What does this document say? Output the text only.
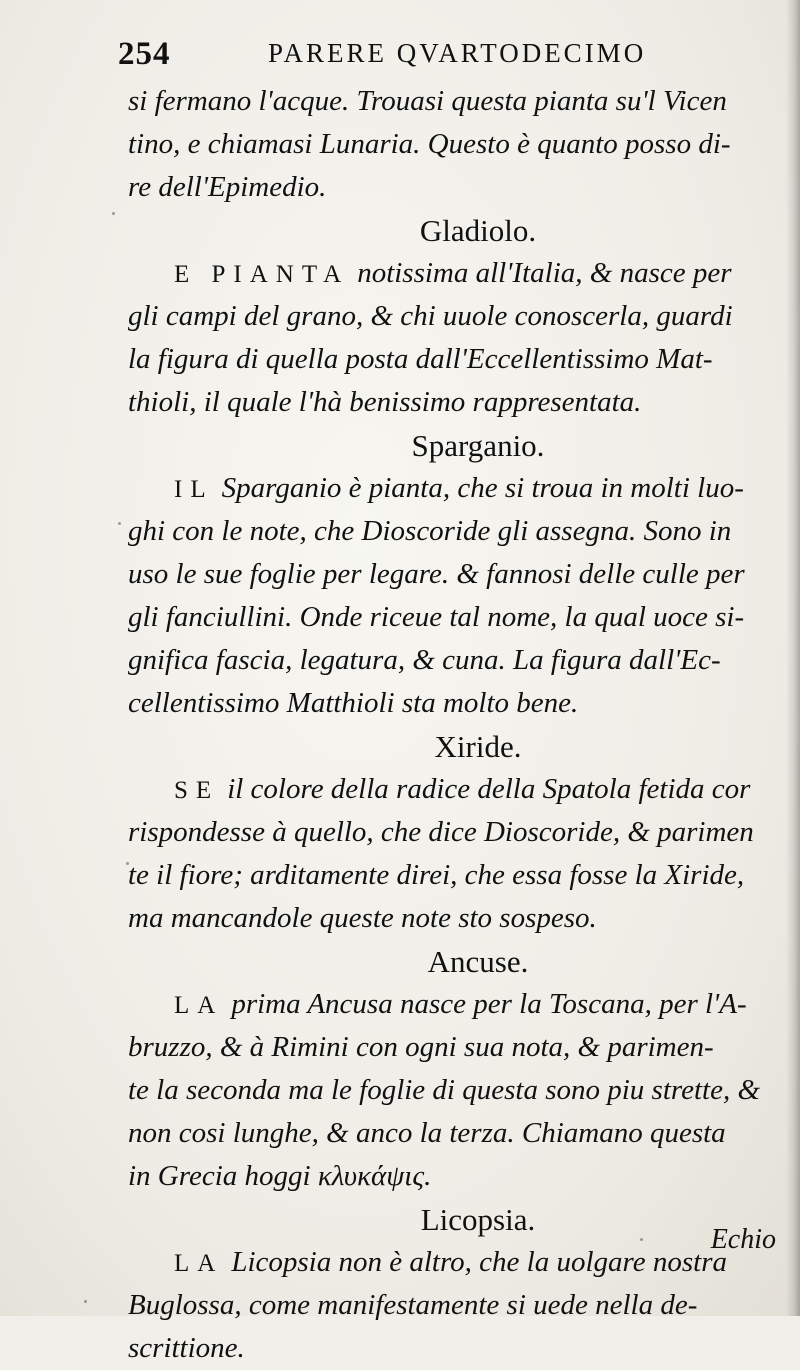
254	PARERE QVARTODECIMO
si fermano l'acque. Trouasi questa pianta su'l Vicen
tino, e chiamasi Lunaria. Questo è quanto posso di-
re dell'Epimedio.
Gladiolo.
E PIANTA notissima all'Italia, & nasce per
gli campi del grano, & chi uuole conoscerla, guardi
la figura di quella posta dall'Eccellentissimo Mat-
thioli, il quale l'hà benissimo rappresentata.
Sparganio.
IL Sparganio è pianta, che si troua in molti luo-
ghi con le note, che Dioscoride gli assegna. Sono in
uso le sue foglie per legare. & fannosi delle culle per
gli fanciullini. Onde riceue tal nome, la qual uoce si-
gnifica fascia, legatura, & cuna. La figura dall'Ec-
cellentissimo Matthioli sta molto bene.
Xiride.
SE il colore della radice della Spatola fetida cor
rispondesse à quello, che dice Dioscoride, & parimen
te il fiore; arditamente direi, che essa fosse la Xiride,
ma mancandole queste note sto sospeso.
Ancuse.
LA prima Ancusa nasce per la Toscana, per l'A-
bruzzo, & à Rimini con ogni sua nota, & parimen-
te la seconda ma le foglie di questa sono piu strette, &
non cosi lunghe, & anco la terza. Chiamano questa
in Grecia hoggi κλυκάψις.
Licopsia.
LA Licopsia non è altro, che la uolgare nostra
Buglossa, come manifestamente si uede nella de-
scrittione.
Echio
